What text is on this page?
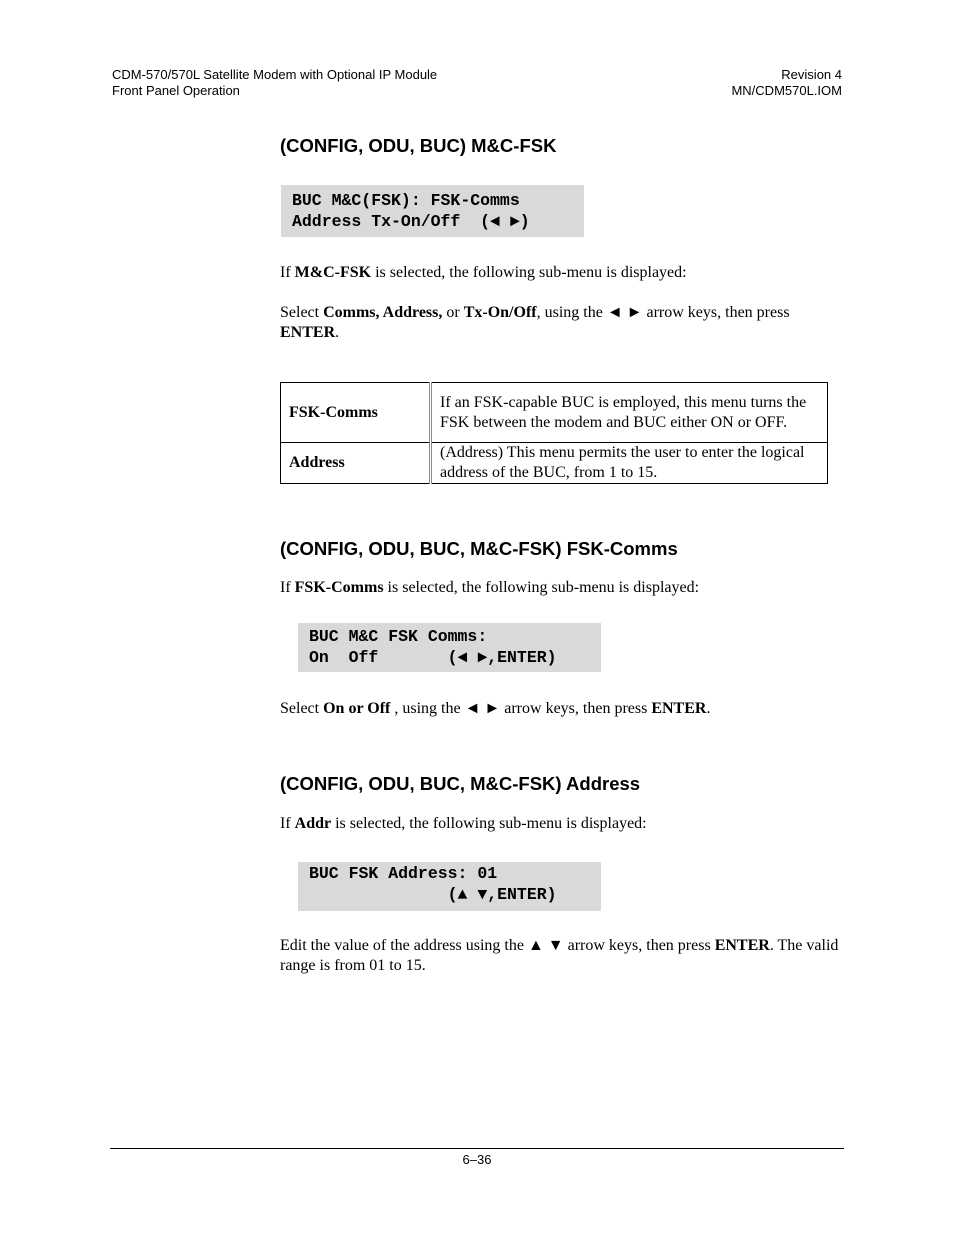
CDM-570/570L Satellite Modem with Optional IP Module
Front Panel Operation
Revision 4
MN/CDM570L.IOM
(CONFIG, ODU, BUC) M&C-FSK
BUC M&C(FSK): FSK-Comms
Address Tx-On/Off  (◄ ►)
If M&C-FSK is selected, the following sub-menu is displayed:
Select Comms, Address, or Tx-On/Off, using the ◄ ► arrow keys, then press ENTER.
FSK-Comms	If an FSK-capable BUC is employed, this menu turns the FSK between the modem and BUC either ON or OFF.
Address	(Address) This menu permits the user to enter the logical address of the BUC, from 1 to 15.
(CONFIG, ODU, BUC, M&C-FSK) FSK-Comms
If FSK-Comms is selected, the following sub-menu is displayed:
BUC M&C FSK Comms:
On  Off       (◄ ►,ENTER)
Select On or Off , using the ◄ ► arrow keys, then press ENTER.
(CONFIG, ODU, BUC, M&C-FSK) Address
If Addr is selected, the following sub-menu is displayed:
BUC FSK Address: 01
(▲ ▼,ENTER)
Edit the value of the address using the ▲ ▼ arrow keys, then press ENTER. The valid range is from 01 to 15.
6–36
